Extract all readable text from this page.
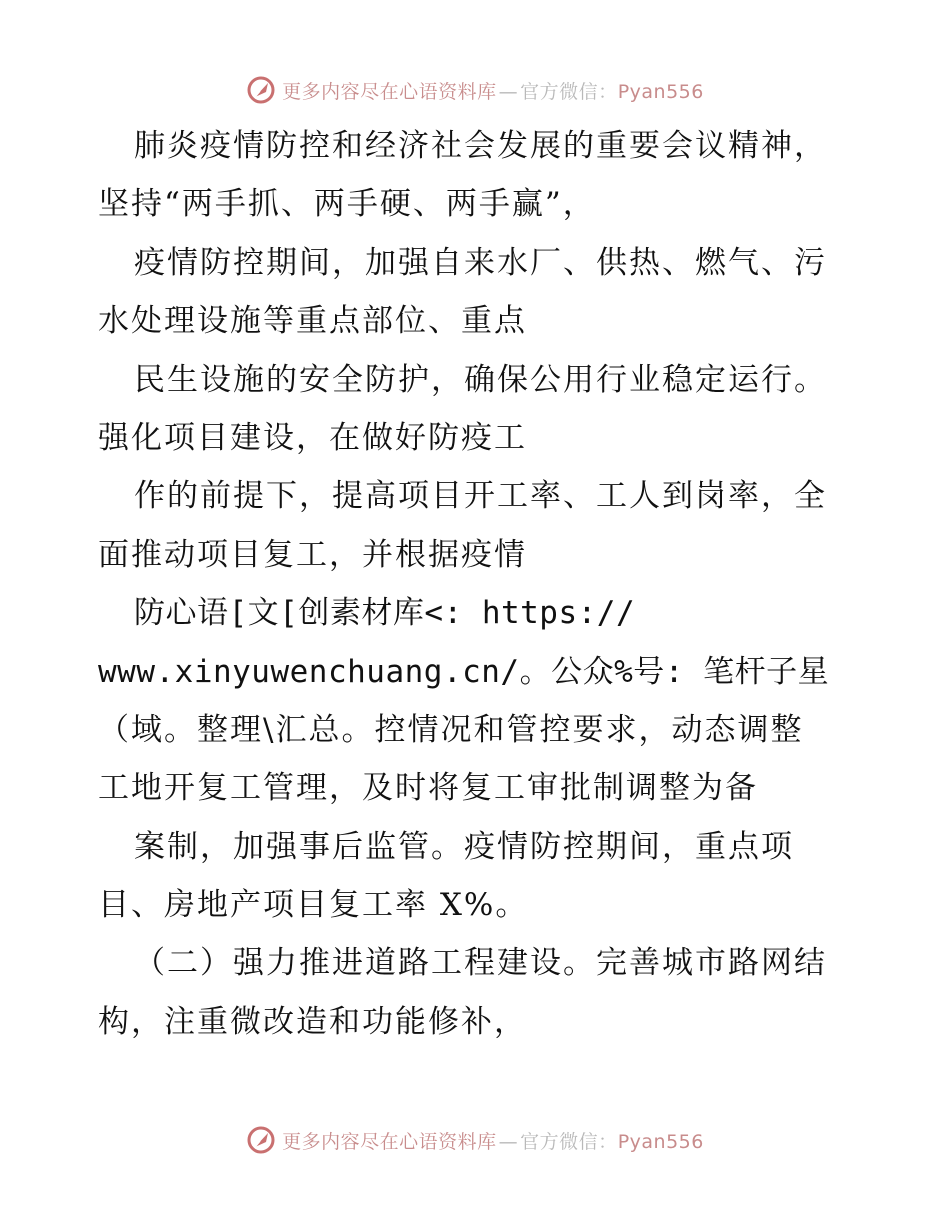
更多内容尽在心语资料库 — 官方微信：Pyan556
肺炎疫情防控和经济社会发展的重要会议精神，
坚持“两手抓、两手硬、两手赢”，
疫情防控期间，加强自来水厂、供热、燃气、污
水处理设施等重点部位、重点
民生设施的安全防护，确保公用行业稳定运行。
强化项目建设，在做好防疫工
作的前提下，提高项目开工率、工人到岗率，全
面推动项目复工，并根据疫情
防心语[文[创素材库<: https://
www.xinyuwenchuang.cn/。公众%号: 笔杆子星
（域。整理\汇总。控情况和管控要求，动态调整
工地开复工管理，及时将复工审批制调整为备
案制，加强事后监管。疫情防控期间，重点项
目、房地产项目复工率 X%。
（二）强力推进道路工程建设。完善城市路网结
构，注重微改造和功能修补，
更多内容尽在心语资料库 — 官方微信：Pyan556
